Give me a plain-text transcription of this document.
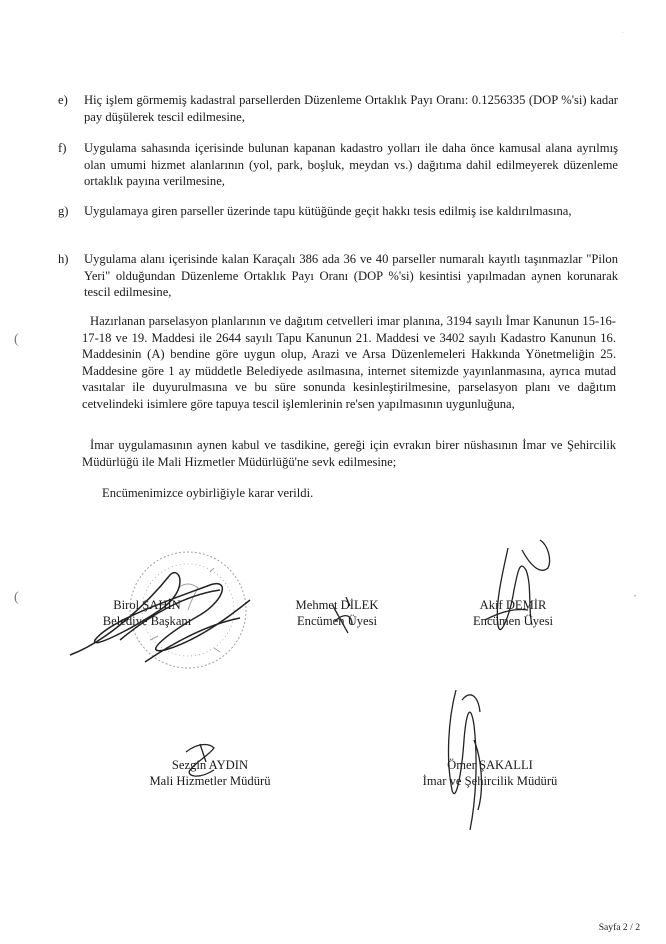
e)	Hiç işlem görmemiş kadastral parsellerden Düzenleme Ortaklık Payı Oranı: 0.1256335 (DOP %'si) kadar pay düşülerek tescil edilmesine,
f)	Uygulama sahasında içerisinde bulunan kapanan kadastro yolları ile daha önce kamusal alana ayrılmış olan umumi hizmet alanlarının (yol, park, boşluk, meydan vs.) dağıtıma dahil edilmeyerek düzenleme ortaklık payına verilmesine,
g)	Uygulamaya giren parseller üzerinde tapu kütüğünde geçit hakkı tesis edilmiş ise kaldırılmasına,
h)	Uygulama alanı içerisinde kalan Karaçalı 386 ada 36 ve 40 parseller numaralı kayıtlı taşınmazlar "Pilon Yeri" olduğundan Düzenleme Ortaklık Payı Oranı (DOP %'si) kesintisi yapılmadan aynen korunarak tescil edilmesine,
Hazırlanan parselasyon planlarının ve dağıtım cetvelleri imar planına, 3194 sayılı İmar Kanunun 15-16-17-18 ve 19. Maddesi ile 2644 sayılı Tapu Kanunun 21. Maddesi ve 3402 sayılı Kadastro Kanunun 16. Maddesinin (A) bendine göre uygun olup, Arazi ve Arsa Düzenlemeleri Hakkında Yönetmeliğin 25. Maddesine göre 1 ay müddetle Belediyede asılmasına, internet sitemizde yayınlanmasına, ayrıca mutad vasıtalar ile duyurulmasına ve bu süre sonunda kesinleştirilmesine, parselasyon planı ve dağıtım cetvelindeki isimlere göre tapuya tescil işlemlerinin re'sen yapılmasının uygunluğuna,
İmar uygulamasının aynen kabul ve tasdikine, gereği için evrakın birer nüshasının İmar ve Şehircilik Müdürlüğü ile Mali Hizmetler Müdürlüğü'ne sevk edilmesine;
Encümenimizce oybirliğiyle karar verildi.
Birol ŞAHİN
Belediye Başkanı
Mehmet DİLEK
Encümen Üyesi
Akif DEMİR
Encümen Üyesi
Sezgin AYDIN
Mali Hizmetler Müdürü
Ömer ŞAKALLI
İmar ve Şehircilik Müdürü
(
(	•
·
Sayfa 2 / 2
